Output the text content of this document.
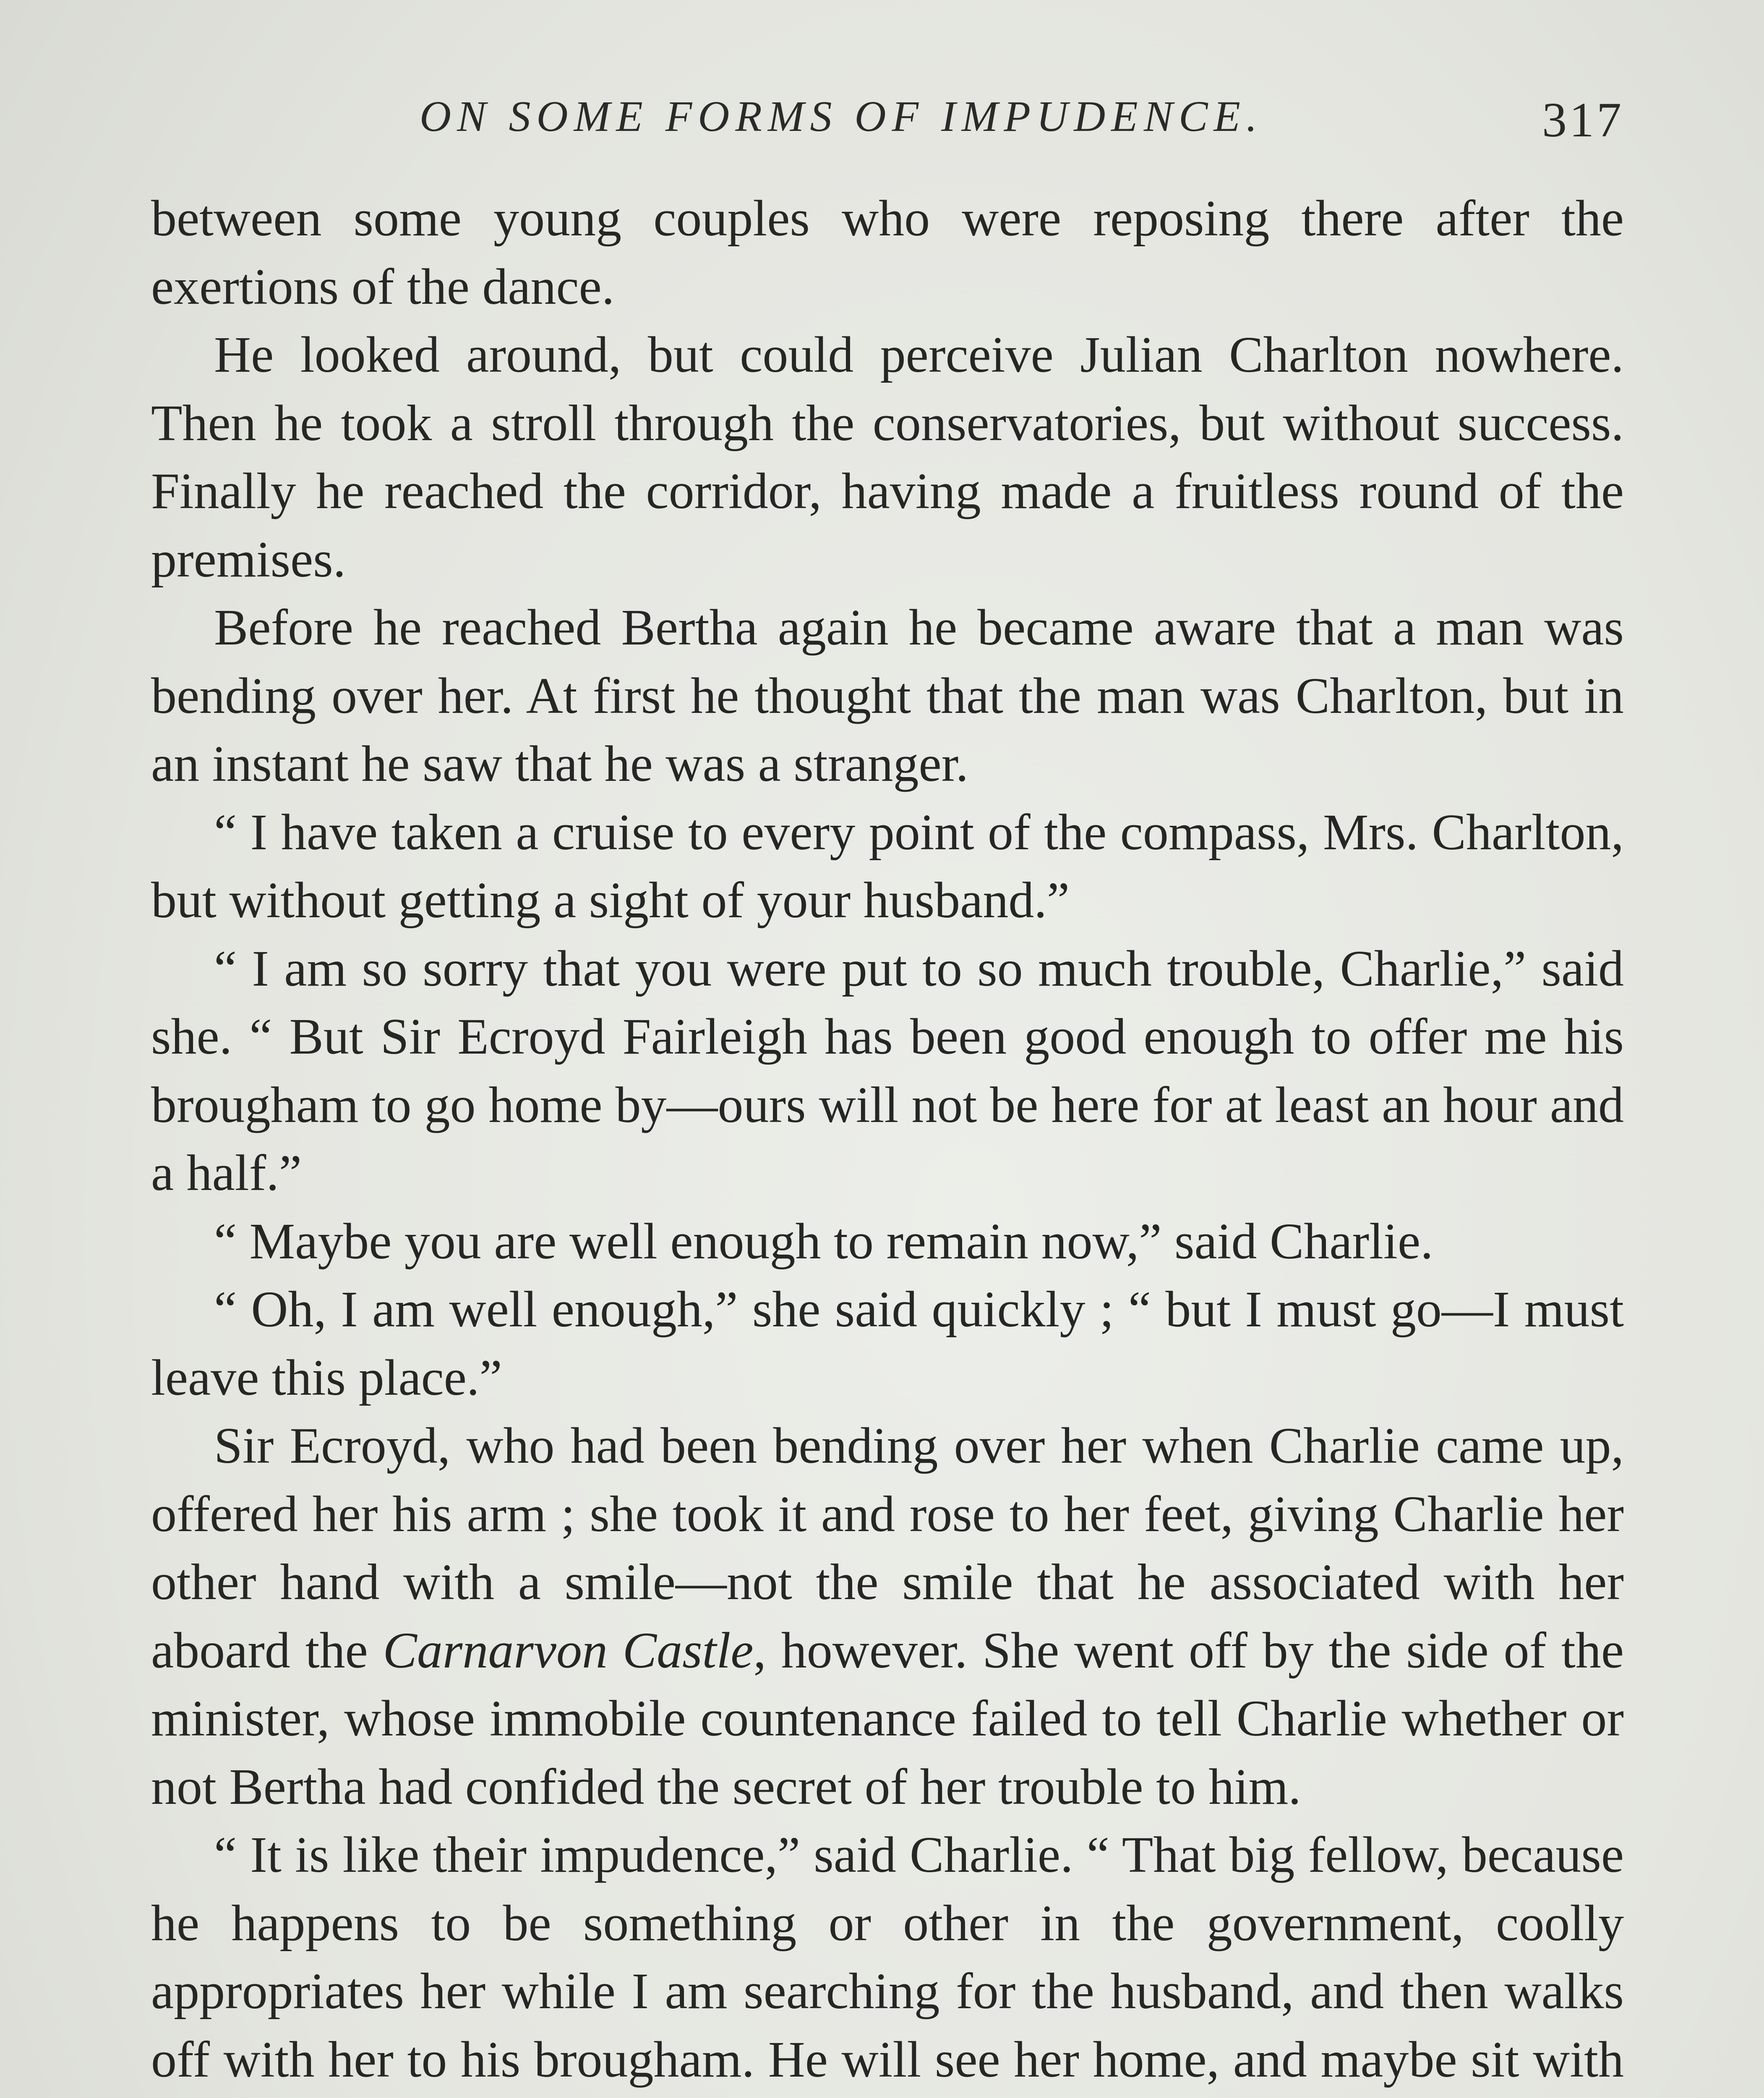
ON SOME FORMS OF IMPUDENCE.	317

between some young couples who were reposing there after the exertions of the dance.

He looked around, but could perceive Julian Charlton nowhere. Then he took a stroll through the conservatories, but without success. Finally he reached the corridor, having made a fruitless round of the premises.

Before he reached Bertha again he became aware that a man was bending over her. At first he thought that the man was Charlton, but in an instant he saw that he was a stranger.

“ I have taken a cruise to every point of the compass, Mrs. Charlton, but without getting a sight of your husband.”

“ I am so sorry that you were put to so much trouble, Charlie,” said she. “ But Sir Ecroyd Fairleigh has been good enough to offer me his brougham to go home by—ours will not be here for at least an hour and a half.”

“ Maybe you are well enough to remain now,” said Charlie.

“ Oh, I am well enough,” she said quickly ; “ but I must go—I must leave this place.”

Sir Ecroyd, who had been bending over her when Charlie came up, offered her his arm ; she took it and rose to her feet, giving Charlie her other hand with a smile—not the smile that he associated with her aboard the Carnarvon Castle, however. She went off by the side of the minister, whose immobile countenance failed to tell Charlie whether or not Bertha had confided the secret of her trouble to him.

“ It is like their impudence,” said Charlie. “ That big fellow, because he happens to be something or other in the government, coolly appropriates her while I am searching for the husband, and then walks off with her to his brougham. He will see her home, and maybe sit with
